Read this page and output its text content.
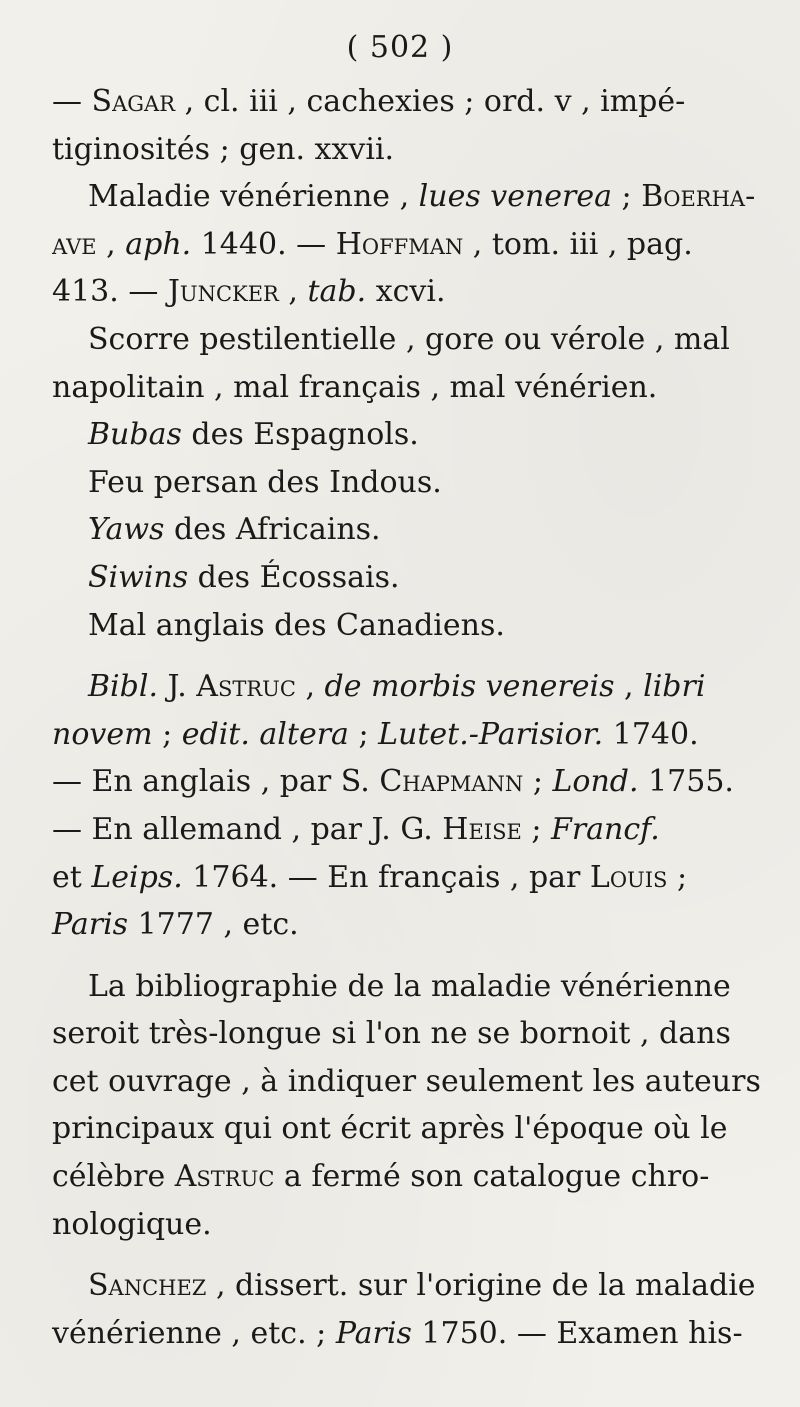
( 502 )
— Sagar , cl. iii , cachexies ; ord. v , impé-
tiginosités ; gen. xxvii.
Maladie vénérienne , lues venerea ; Boerha-
ave , aph. 1440. — Hoffman , tom. iii , pag.
413. — Juncker , tab. xcvi.
Scorre pestilentielle , gore ou vérole , mal
napolitain , mal français , mal vénérien.
Bubas des Espagnols.
Feu persan des Indous.
Yaws des Africains.
Siwins des Écossais.
Mal anglais des Canadiens.
Bibl. J. Astruc , de morbis venereis , libri
novem ; edit. altera ; Lutet.-Parisior. 1740.
— En anglais , par S. Chapmann ; Lond. 1755.
— En allemand , par J. G. Heise ; Francf.
et Leips. 1764. — En français , par Louis ;
Paris 1777 , etc.
La bibliographie de la maladie vénérienne
seroit très-longue si l'on ne se bornoit , dans
cet ouvrage , à indiquer seulement les auteurs
principaux qui ont écrit après l'époque où le
célèbre Astruc a fermé son catalogue chro-
nologique.
Sanchez , dissert. sur l'origine de la maladie
vénérienne , etc. ; Paris 1750. — Examen his-
